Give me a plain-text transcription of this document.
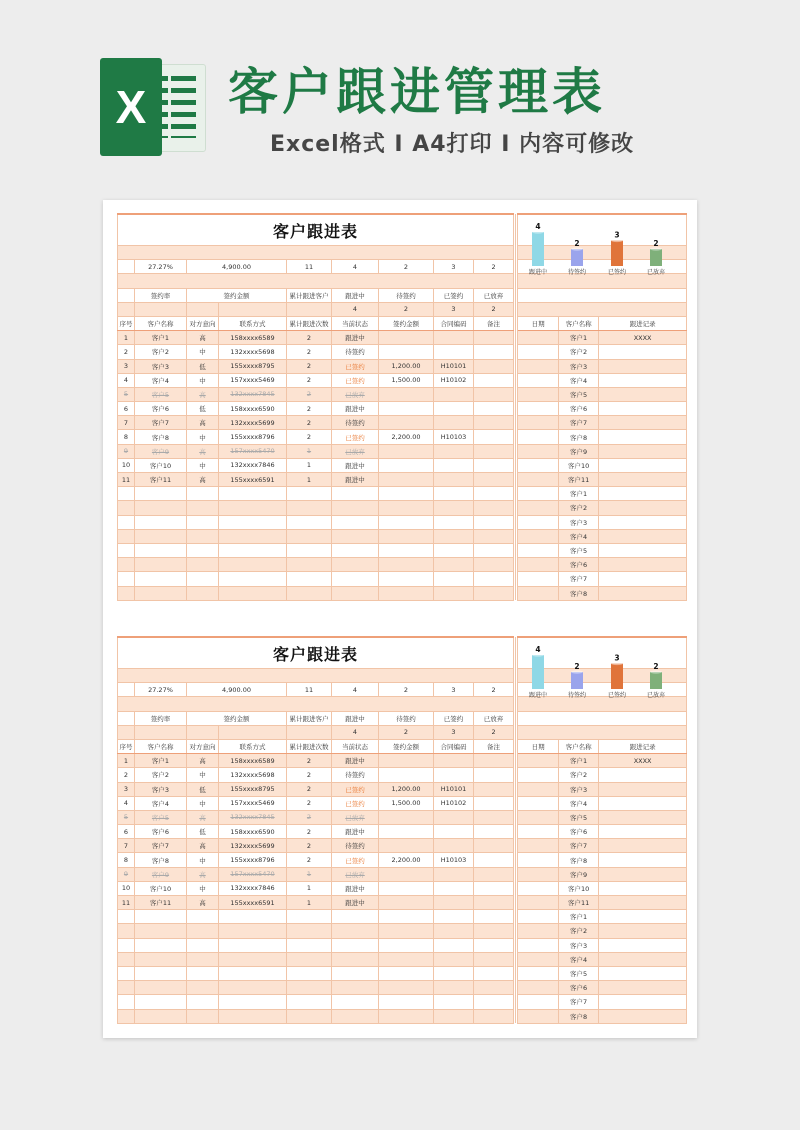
X	客户跟进管理表
Excel格式 I A4打印 I 内容可修改
客户跟进表													

	27.27%	4,900.00		11	4	2	3	2					

	签约率	签约金额		累计跟进客户	跟进中	待签约	已签约	已放弃					
					4	2	3	2					
序号	客户名称	对方意向	联系方式	累计跟进次数	当前状态	签约金额	合同编码	备注			日期	客户名称	跟进记录
1	客户1	高	158xxxx6589	2	跟进中							客户1	XXXX
2	客户2	中	132xxxx5698	2	待签约							客户2	
3	客户3	低	155xxxx8795	2	已签约	1,200.00	H10101					客户3	
4	客户4	中	157xxxx5469	2	已签约	1,500.00	H10102					客户4	
5	客户5	高	132xxxx7845	2	已放弃							客户5	
6	客户6	低	158xxxx6590	2	跟进中							客户6	
7	客户7	高	132xxxx5699	2	待签约							客户7	
8	客户8	中	155xxxx8796	2	已签约	2,200.00	H10103					客户8	
9	客户9	高	157xxxx5470	1	已放弃							客户9	
10	客户10	中	132xxxx7846	1	跟进中							客户10	
11	客户11	高	155xxxx6591	1	跟进中							客户11	
												客户1	
												客户2	
												客户3	
												客户4	
												客户5	
												客户6	
												客户7	
												客户8	
4
跟进中
2
待签约
3
已签约
2
已放弃
客户跟进表													

	27.27%	4,900.00		11	4	2	3	2					

	签约率	签约金额		累计跟进客户	跟进中	待签约	已签约	已放弃					
					4	2	3	2					
序号	客户名称	对方意向	联系方式	累计跟进次数	当前状态	签约金额	合同编码	备注			日期	客户名称	跟进记录
1	客户1	高	158xxxx6589	2	跟进中							客户1	XXXX
2	客户2	中	132xxxx5698	2	待签约							客户2	
3	客户3	低	155xxxx8795	2	已签约	1,200.00	H10101					客户3	
4	客户4	中	157xxxx5469	2	已签约	1,500.00	H10102					客户4	
5	客户5	高	132xxxx7845	2	已放弃							客户5	
6	客户6	低	158xxxx6590	2	跟进中							客户6	
7	客户7	高	132xxxx5699	2	待签约							客户7	
8	客户8	中	155xxxx8796	2	已签约	2,200.00	H10103					客户8	
9	客户9	高	157xxxx5470	1	已放弃							客户9	
10	客户10	中	132xxxx7846	1	跟进中							客户10	
11	客户11	高	155xxxx6591	1	跟进中							客户11	
												客户1	
												客户2	
												客户3	
												客户4	
												客户5	
												客户6	
												客户7	
												客户8	
4
跟进中
2
待签约
3
已签约
2
已放弃
